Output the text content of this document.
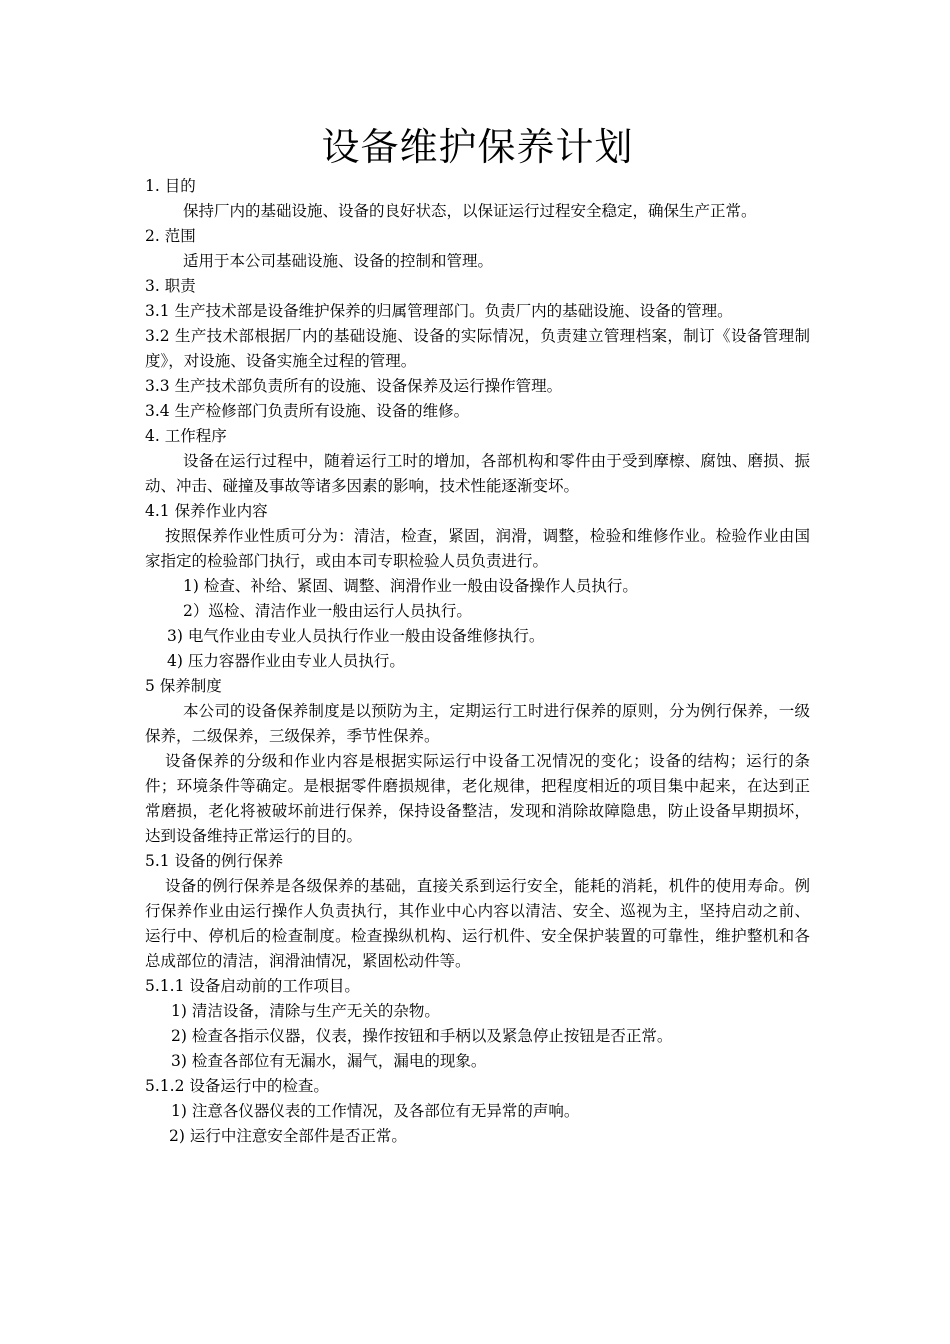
设备维护保养计划

1. 目的

保持厂内的基础设施、设备的良好状态，以保证运行过程安全稳定，确保生产正常。

2. 范围

适用于本公司基础设施、设备的控制和管理。

3. 职责

3.1 生产技术部是设备维护保养的归属管理部门。负责厂内的基础设施、设备的管理。

3.2 生产技术部根据厂内的基础设施、设备的实际情况，负责建立管理档案，制订《设备管理制度》，对设施、设备实施全过程的管理。

3.3 生产技术部负责所有的设施、设备保养及运行操作管理。

3.4 生产检修部门负责所有设施、设备的维修。

4. 工作程序

设备在运行过程中，随着运行工时的增加，各部机构和零件由于受到摩檫、腐蚀、磨损、振动、冲击、碰撞及事故等诸多因素的影响，技术性能逐渐变坏。

4.1 保养作业内容

按照保养作业性质可分为：清洁，检查，紧固，润滑，调整，检验和维修作业。检验作业由国家指定的检验部门执行，或由本司专职检验人员负责进行。

1) 检查、补给、紧固、调整、润滑作业一般由设备操作人员执行。

2）巡检、清洁作业一般由运行人员执行。

3) 电气作业由专业人员执行作业一般由设备维修执行。

4) 压力容器作业由专业人员执行。

5 保养制度

本公司的设备保养制度是以预防为主，定期运行工时进行保养的原则，分为例行保养，一级保养，二级保养，三级保养，季节性保养。

设备保养的分级和作业内容是根据实际运行中设备工况情况的变化；设备的结构；运行的条件；环境条件等确定。是根据零件磨损规律，老化规律，把程度相近的项目集中起来，在达到正常磨损，老化将被破坏前进行保养，保持设备整洁，发现和消除故障隐患，防止设备早期损坏，达到设备维持正常运行的目的。

5.1 设备的例行保养

设备的例行保养是各级保养的基础，直接关系到运行安全，能耗的消耗，机件的使用寿命。例行保养作业由运行操作人负责执行，其作业中心内容以清洁、安全、巡视为主，坚持启动之前、运行中、停机后的检查制度。检查操纵机构、运行机件、安全保护装置的可靠性，维护整机和各总成部位的清洁，润滑油情况，紧固松动件等。

5.1.1 设备启动前的工作项目。

1) 清洁设备，清除与生产无关的杂物。

2) 检查各指示仪器，仪表，操作按钮和手柄以及紧急停止按钮是否正常。

3) 检查各部位有无漏水，漏气，漏电的现象。

5.1.2 设备运行中的检查。

1) 注意各仪器仪表的工作情况，及各部位有无异常的声响。

2) 运行中注意安全部件是否正常。
